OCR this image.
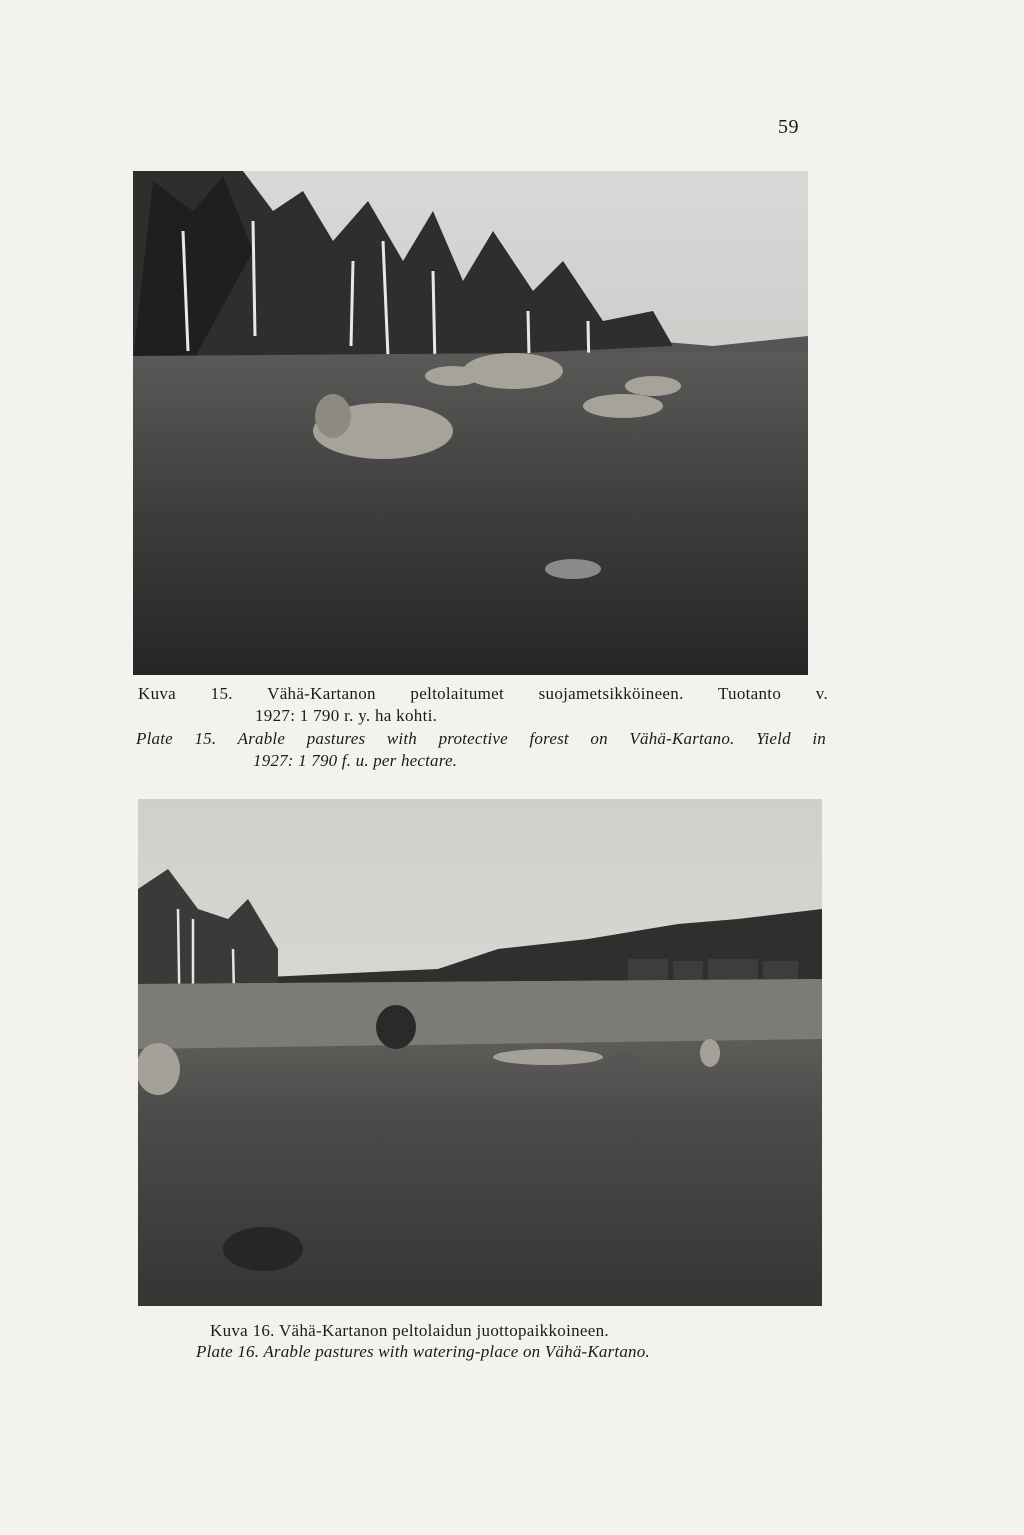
59
Kuva 15. Vähä-Kartanon peltolaitumet suojametsikköineen. Tuotanto v.
1927: 1 790 r. y. ha kohti.
Plate 15. Arable pastures with protective forest on Vähä-Kartano. Yield in
1927: 1 790 f. u. per hectare.
Kuva 16. Vähä-Kartanon peltolaidun juottopaikkoineen.
Plate 16. Arable pastures with watering-place on Vähä-Kartano.
